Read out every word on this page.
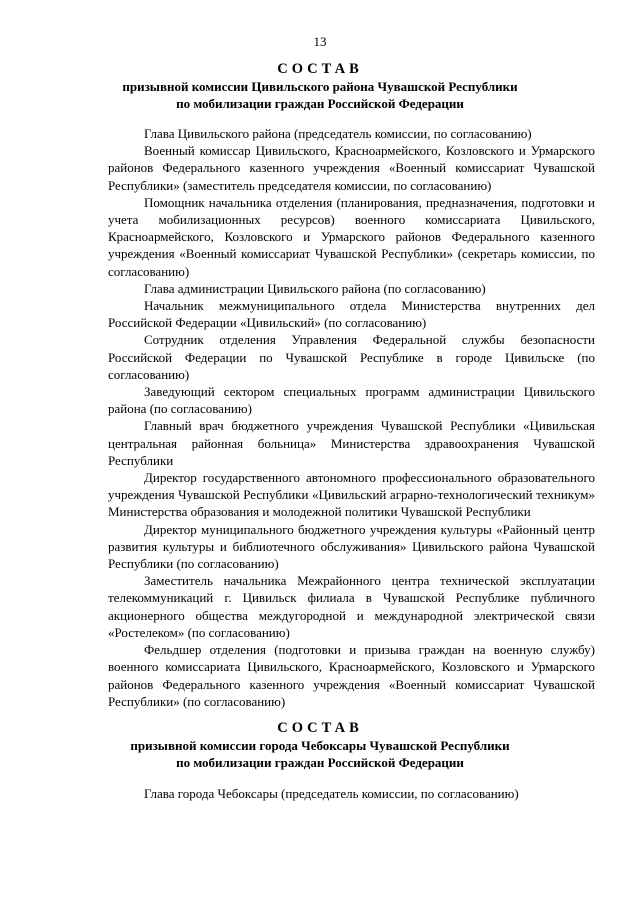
13
СОСТАВ
призывной комиссии Цивильского района Чувашской Республики
по мобилизации граждан Российской Федерации

Глава Цивильского района (председатель комиссии, по согласованию)

Военный комиссар Цивильского, Красноармейского, Козловского и Урмарского районов Федерального казенного учреждения «Военный комиссариат Чувашской Республики» (заместитель председателя комиссии, по согласованию)

Помощник начальника отделения (планирования, предназначения, подготовки и учета мобилизационных ресурсов) военного комиссариата Цивильского, Красноармейского, Козловского и Урмарского районов Федерального казенного учреждения «Военный комиссариат Чувашской Республики» (секретарь комиссии, по согласованию)

Глава администрации Цивильского района (по согласованию)

Начальник межмуниципального отдела Министерства внутренних дел Российской Федерации «Цивильский» (по согласованию)

Сотрудник отделения Управления Федеральной службы безопасности Российской Федерации по Чувашской Республике в городе Цивильске (по согласованию)

Заведующий сектором специальных программ администрации Цивильского района (по согласованию)

Главный врач бюджетного учреждения Чувашской Республики «Цивильская центральная районная больница» Министерства здравоохранения Чувашской Республики

Директор государственного автономного профессионального образовательного учреждения Чувашской Республики «Цивильский аграрно-технологический техникум» Министерства образования и молодежной политики Чувашской Республики

Директор муниципального бюджетного учреждения культуры «Районный центр развития культуры и библиотечного обслуживания» Цивильского района Чувашской Республики (по согласованию)

Заместитель начальника Межрайонного центра технической эксплуатации телекоммуникаций г. Цивильск филиала в Чувашской Республике публичного акционерного общества междугородной и международной электрической связи «Ростелеком» (по согласованию)

Фельдшер отделения (подготовки и призыва граждан на военную службу) военного комиссариата Цивильского, Красноармейского, Козловского и Урмарского районов Федерального казенного учреждения «Военный комиссариат Чувашской Республики» (по согласованию)

СОСТАВ
призывной комиссии города Чебоксары Чувашской Республики
по мобилизации граждан Российской Федерации

Глава города Чебоксары (председатель комиссии, по согласованию)
